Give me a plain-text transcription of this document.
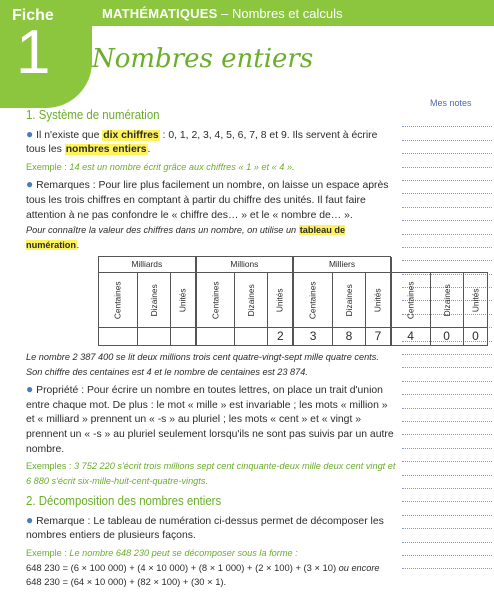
Fiche
1
MATHÉMATIQUES – Nombres et calculs
Nombres entiers
Mes notes
1. Système de numération

● Il n'existe que dix chiffres : 0, 1, 2, 3, 4, 5, 6, 7, 8 et 9. Ils servent à écrire tous les nombres entiers.

Exemple : 14 est un nombre écrit grâce aux chiffres « 1 » et « 4 ».

● Remarques : Pour lire plus facilement un nombre, on laisse un espace après tous les trois chiffres en comptant à partir du chiffre des unités. Il faut faire attention à ne pas confondre le « chiffre des… » et le « nombre de… ».

Pour connaître la valeur des chiffres dans un nombre, on utilise un tableau de numération.

Milliards			Millions			Milliers					
Centaines	Dizaines	Unités		Centaines	Dizaines	Unités		Centaines	Dizaines	Unités		Centaines	Dizaines	Unités
						2		3	8	7		4	0	0

Le nombre 2 387 400 se lit deux millions trois cent quatre-vingt-sept mille quatre cents. Son chiffre des centaines est 4 et le nombre de centaines est 23 874.

● Propriété : Pour écrire un nombre en toutes lettres, on place un trait d'union entre chaque mot. De plus : le mot « mille » est invariable ; les mots « million » et « milliard » prennent un « -s » au pluriel ; les mots « cent » et « vingt » prennent un « -s » au pluriel seulement lorsqu'ils ne sont pas suivis par un autre nombre.

Exemples : 3 752 220 s'écrit trois millions sept cent cinquante-deux mille deux cent vingt et 6 880 s'écrit six-mille-huit-cent-quatre-vingts.

2. Décomposition des nombres entiers

● Remarque : Le tableau de numération ci-dessus permet de décomposer les nombres entiers de plusieurs façons.

Exemple : Le nombre 648 230 peut se décomposer sous la forme :

648 230 = (6 × 100 000) + (4 × 10 000) + (8 × 1 000) + (2 × 100) + (3 × 10) ou encore

648 230 = (64 × 10 000) + (82 × 100) + (30 × 1).
